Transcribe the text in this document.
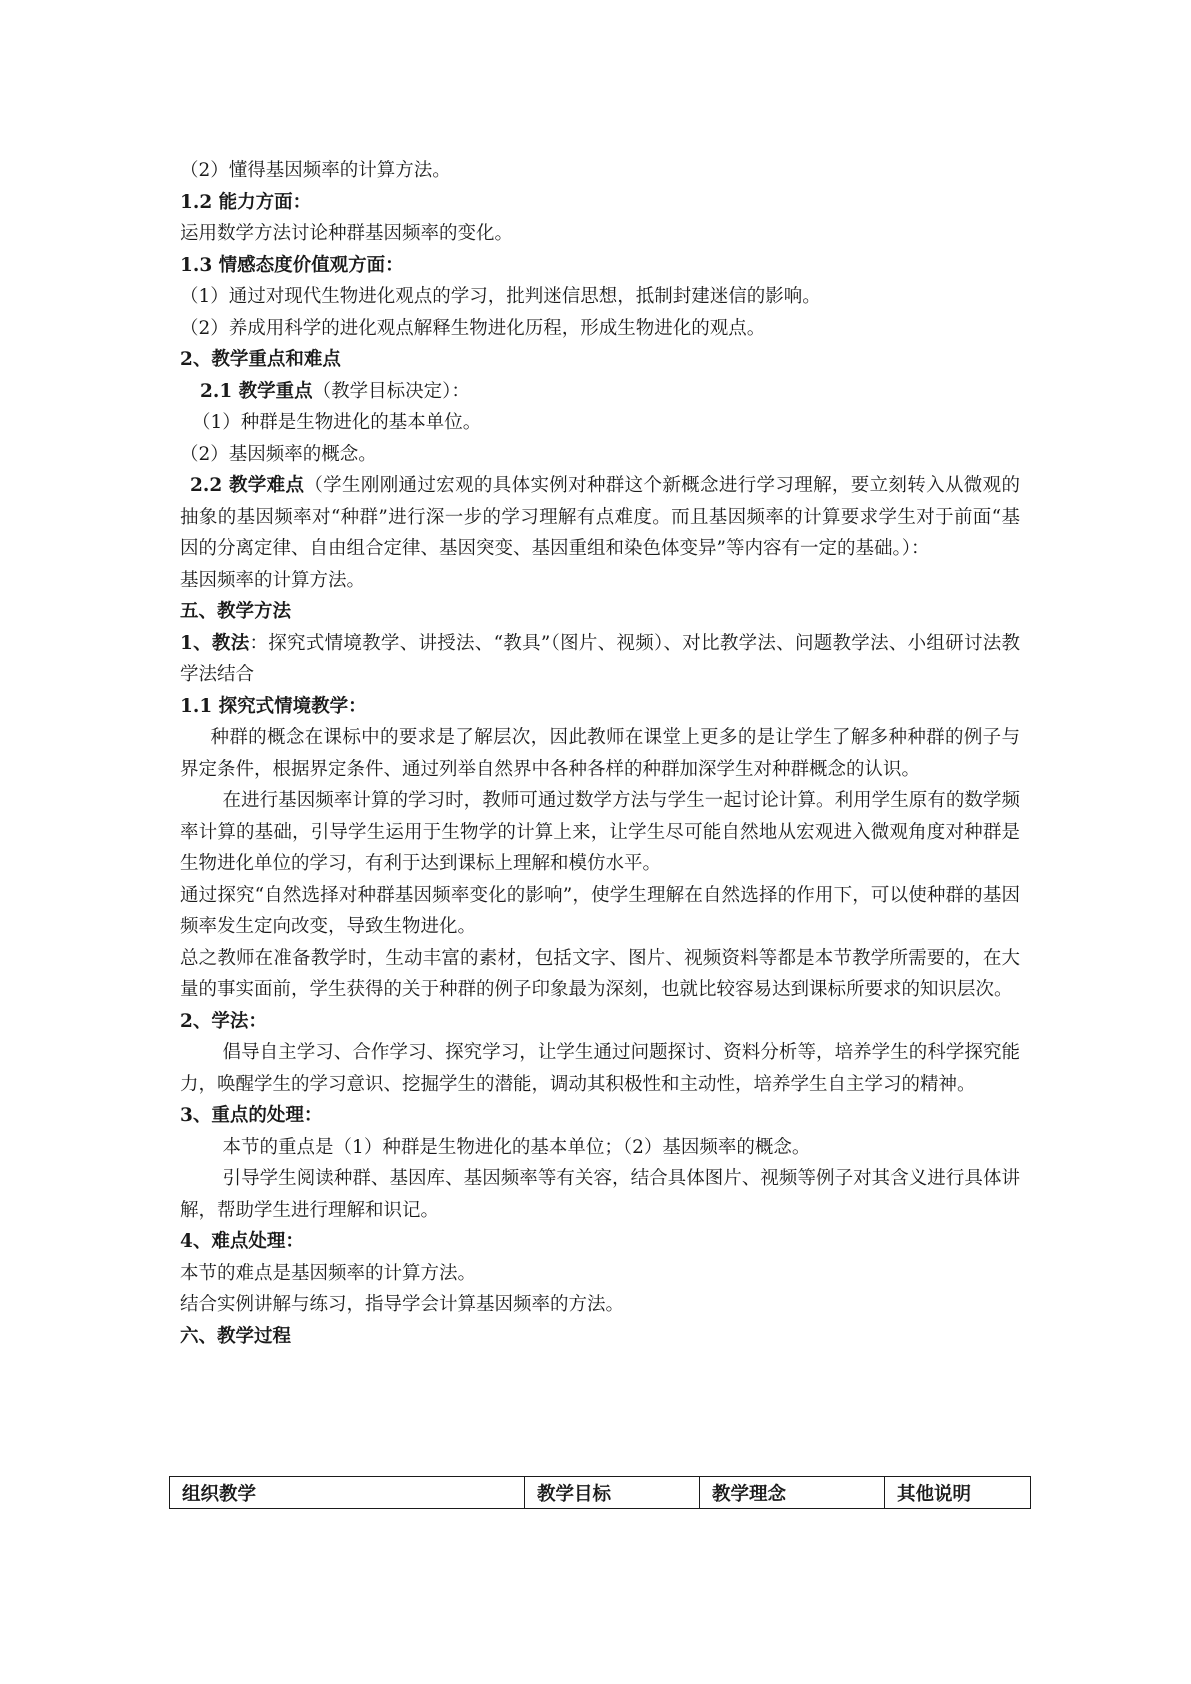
（2）懂得基因频率的计算方法。

1.2 能力方面：

运用数学方法讨论种群基因频率的变化。

1.3 情感态度价值观方面：

（1）通过对现代生物进化观点的学习，批判迷信思想，抵制封建迷信的影响。

（2）养成用科学的进化观点解释生物进化历程，形成生物进化的观点。

2、教学重点和难点

2.1 教学重点（教学目标决定）：

（1）种群是生物进化的基本单位。

（2）基因频率的概念。

2.2 教学难点（学生刚刚通过宏观的具体实例对种群这个新概念进行学习理解，要立刻转入从微观的抽象的基因频率对“种群”进行深一步的学习理解有点难度。而且基因频率的计算要求学生对于前面“基因的分离定律、自由组合定律、基因突变、基因重组和染色体变异”等内容有一定的基础。）：

基因频率的计算方法。

五、教学方法

1、教法：探究式情境教学、讲授法、“教具”（图片、视频）、对比教学法、问题教学法、小组研讨法教学法结合

1.1 探究式情境教学：

种群的概念在课标中的要求是了解层次，因此教师在课堂上更多的是让学生了解多种种群的例子与界定条件，根据界定条件、通过列举自然界中各种各样的种群加深学生对种群概念的认识。

在进行基因频率计算的学习时，教师可通过数学方法与学生一起讨论计算。利用学生原有的数学频率计算的基础，引导学生运用于生物学的计算上来，让学生尽可能自然地从宏观进入微观角度对种群是生物进化单位的学习，有利于达到课标上理解和模仿水平。

通过探究“自然选择对种群基因频率变化的影响”，使学生理解在自然选择的作用下，可以使种群的基因频率发生定向改变，导致生物进化。

总之教师在准备教学时，生动丰富的素材，包括文字、图片、视频资料等都是本节教学所需要的，在大量的事实面前，学生获得的关于种群的例子印象最为深刻，也就比较容易达到课标所要求的知识层次。

2、学法：

倡导自主学习、合作学习、探究学习，让学生通过问题探讨、资料分析等，培养学生的科学探究能力，唤醒学生的学习意识、挖掘学生的潜能，调动其积极性和主动性，培养学生自主学习的精神。

3、重点的处理：

本节的重点是（1）种群是生物进化的基本单位；（2）基因频率的概念。

引导学生阅读种群、基因库、基因频率等有关容，结合具体图片、视频等例子对其含义进行具体讲解，帮助学生进行理解和识记。

4、难点处理：

本节的难点是基因频率的计算方法。

结合实例讲解与练习，指导学会计算基因频率的方法。

六、教学过程

组织教学	教学目标	教学理念	其他说明
